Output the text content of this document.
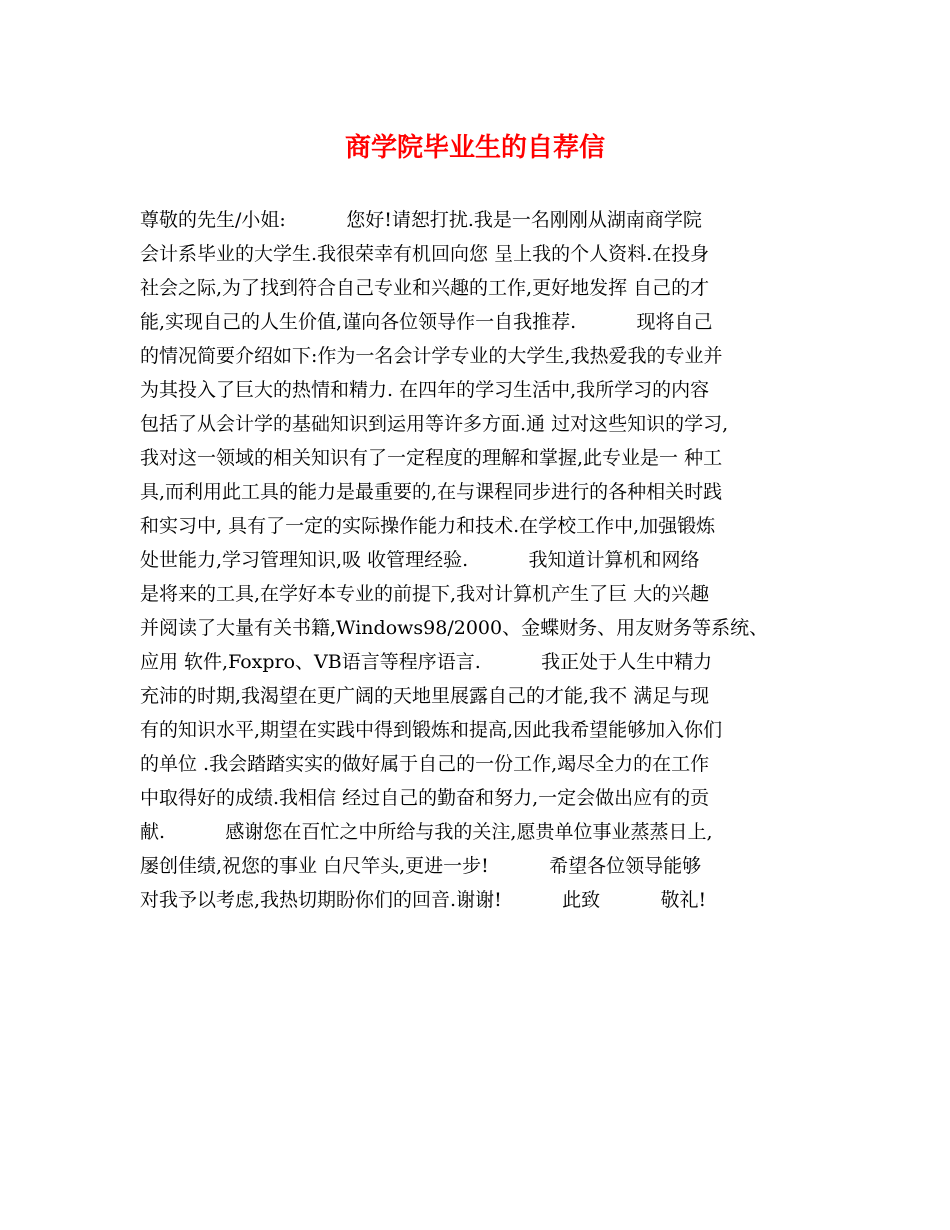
商学院毕业生的自荐信
尊敬的先生/小姐:          您好!请恕打扰.我是一名刚刚从湖南商学院
会计系毕业的大学生.我很荣幸有机回向您 呈上我的个人资料.在投身
社会之际,为了找到符合自己专业和兴趣的工作,更好地发挥 自己的才
能,实现自己的人生价值,谨向各位领导作一自我推荐.          现将自己
的情况简要介绍如下:作为一名会计学专业的大学生,我热爱我的专业并
为其投入了巨大的热情和精力. 在四年的学习生活中,我所学习的内容
包括了从会计学的基础知识到运用等许多方面.通 过对这些知识的学习,
我对这一领域的相关知识有了一定程度的理解和掌握,此专业是一 种工
具,而利用此工具的能力是最重要的,在与课程同步进行的各种相关时践
和实习中, 具有了一定的实际操作能力和技术.在学校工作中,加强锻炼
处世能力,学习管理知识,吸 收管理经验.          我知道计算机和网络
是将来的工具,在学好本专业的前提下,我对计算机产生了巨 大的兴趣
并阅读了大量有关书籍,Windows98/2000、金蝶财务、用友财务等系统、
应用 软件,Foxpro、VB语言等程序语言.          我正处于人生中精力
充沛的时期,我渴望在更广阔的天地里展露自己的才能,我不 满足与现
有的知识水平,期望在实践中得到锻炼和提高,因此我希望能够加入你们
的单位 .我会踏踏实实的做好属于自己的一份工作,竭尽全力的在工作
中取得好的成绩.我相信 经过自己的勤奋和努力,一定会做出应有的贡
献.          感谢您在百忙之中所给与我的关注,愿贵单位事业蒸蒸日上,
屡创佳绩,祝您的事业 白尺竿头,更进一步!          希望各位领导能够
对我予以考虑,我热切期盼你们的回音.谢谢!          此致          敬礼!
